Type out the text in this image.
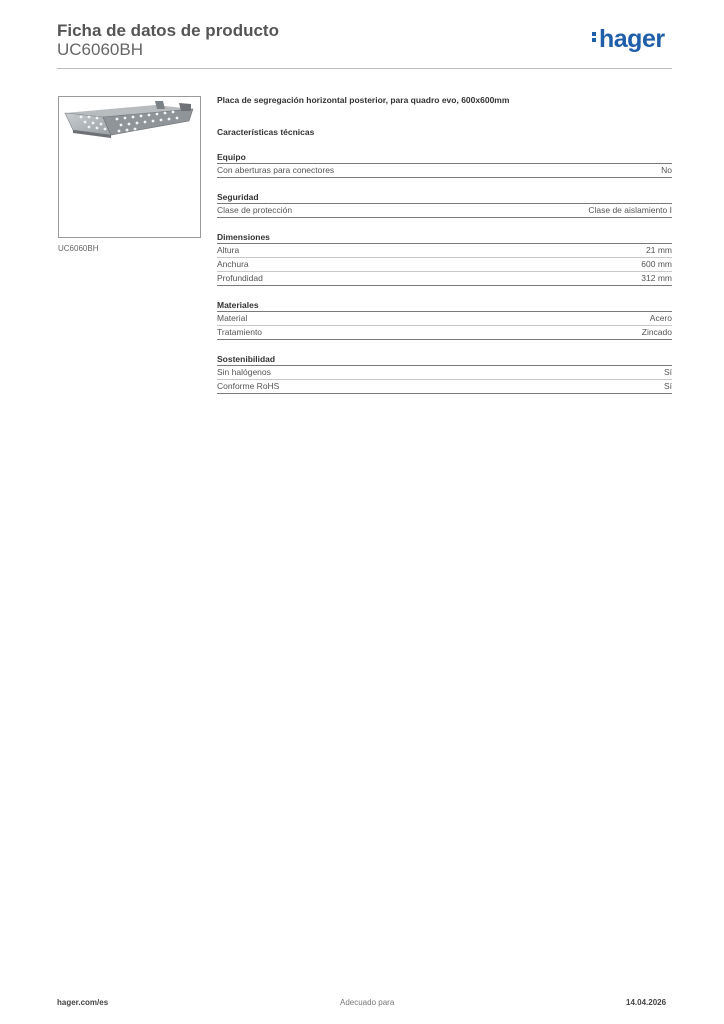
Ficha de datos de producto
UC6060BH	hager
UC6060BH
Placa de segregación horizontal posterior, para quadro evo, 600x600mm
Características técnicas
Equipo
Con aberturas para conectores	No
Seguridad
Clase de protección	Clase de aislamiento I
Dimensiones
Altura	21 mm
Anchura	600 mm
Profundidad	312 mm
Materiales
Material	Acero
Tratamiento	Zincado
Sostenibilidad
Sin halógenos	Sí
Conforme RoHS	Sí
hager.com/es	Adecuado para	14.04.2026
